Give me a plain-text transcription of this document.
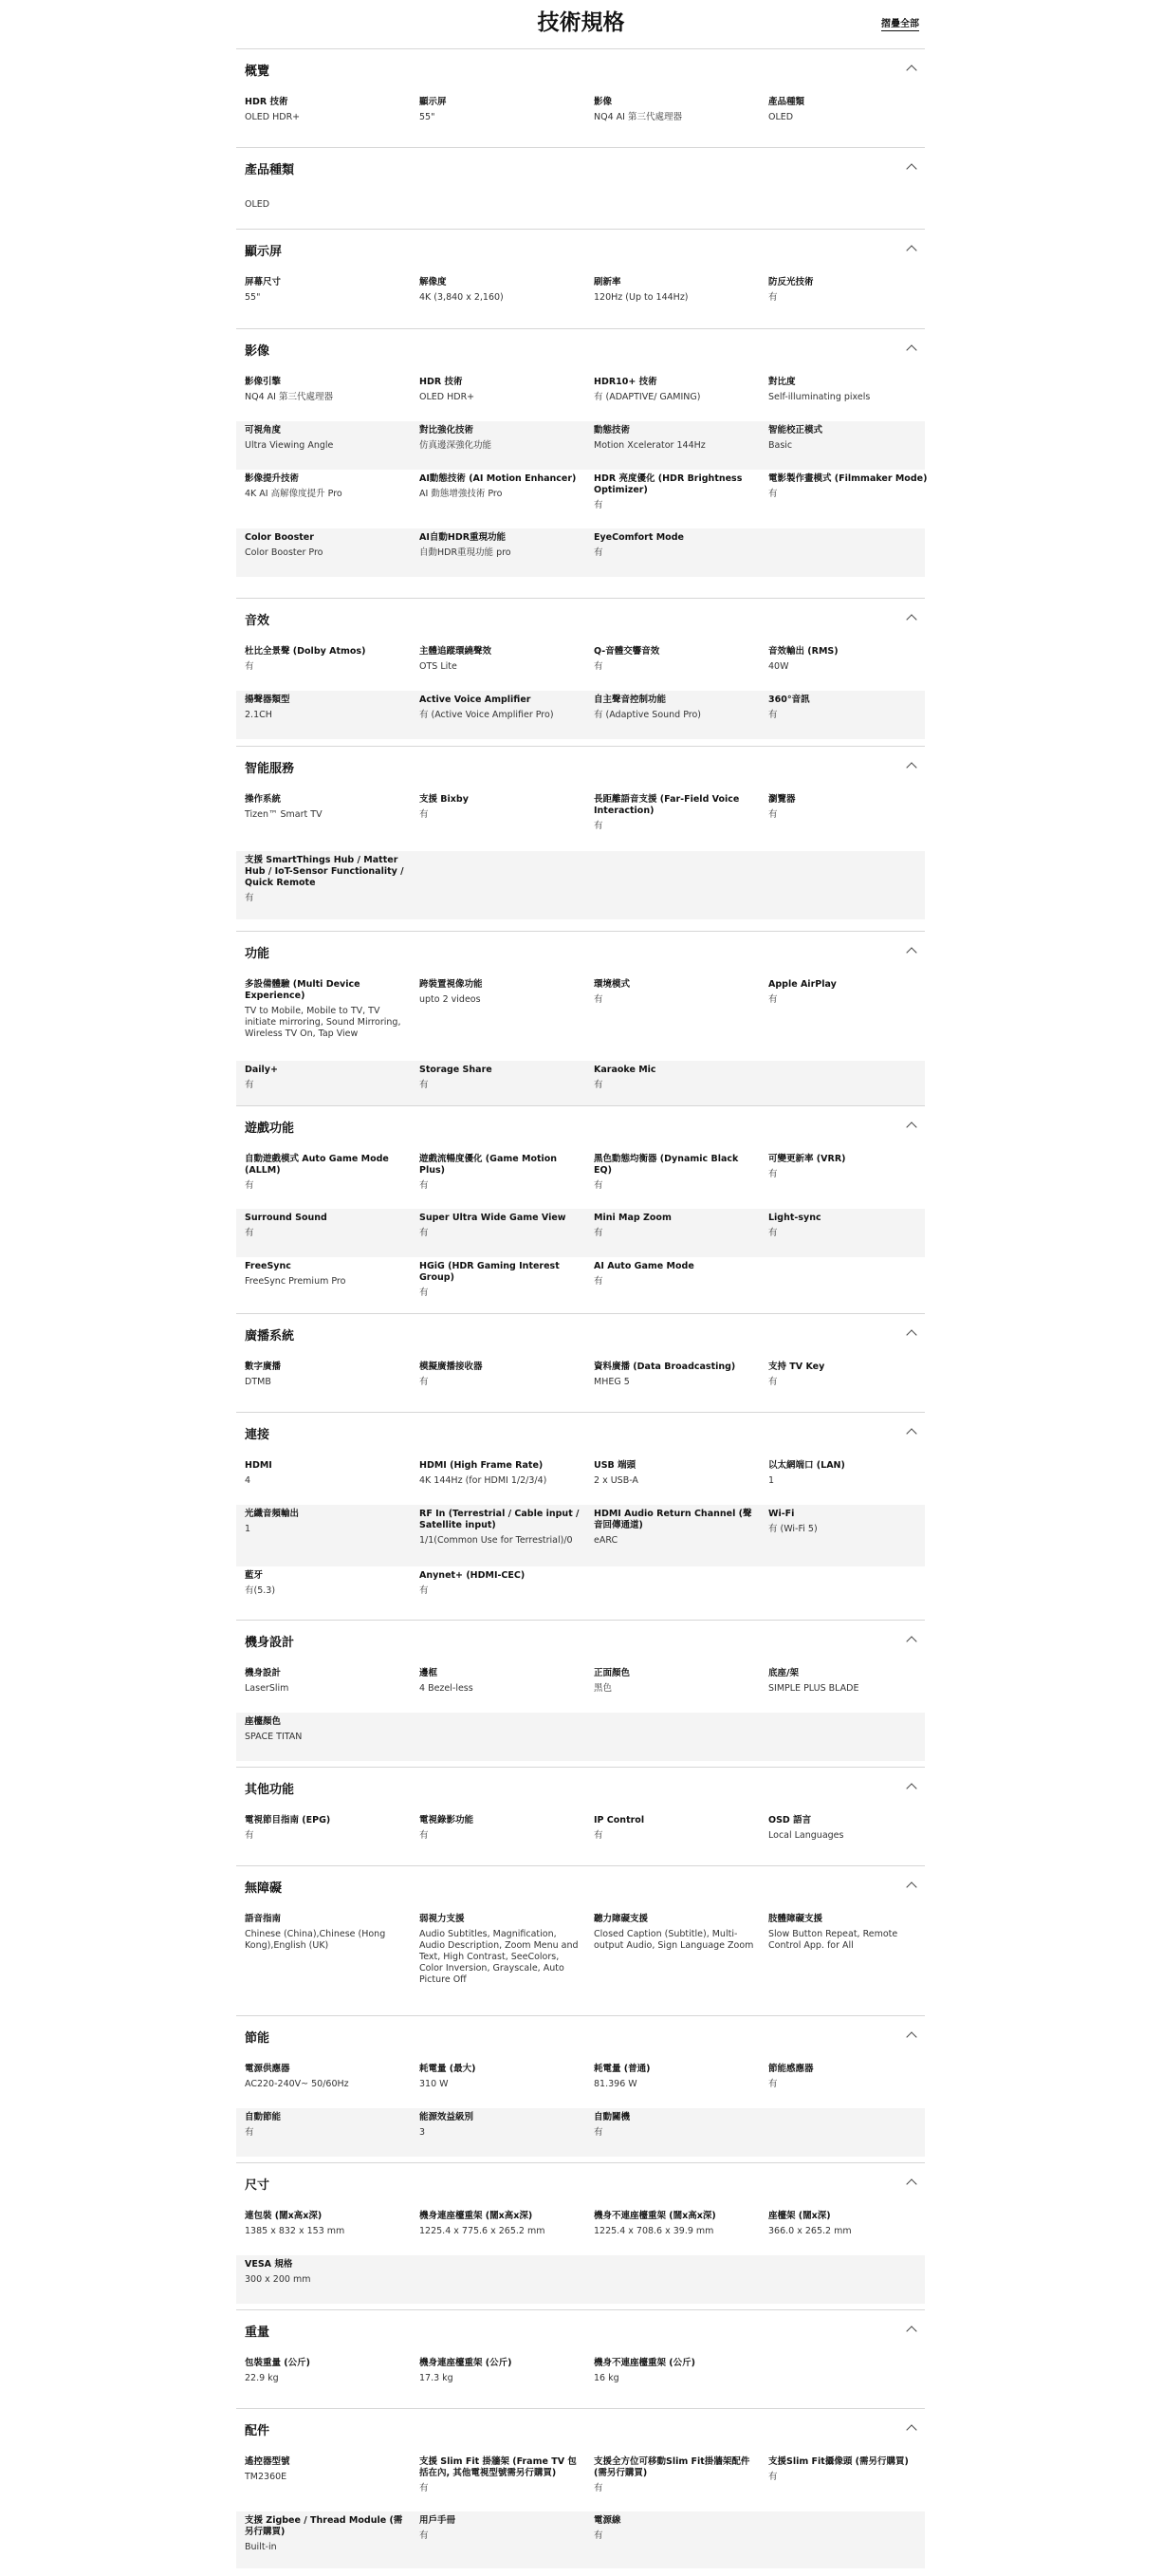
技術規格	摺疊全部
概覽
HDR 技術
OLED HDR+
顯示屏
55"
影像
NQ4 AI 第三代處理器
產品種類
OLED
產品種類
OLED
顯示屏
屏幕尺寸
55"
解像度
4K (3,840 x 2,160)
刷新率
120Hz (Up to 144Hz)
防反光技術
有
影像
影像引擎
NQ4 AI 第三代處理器
HDR 技術
OLED HDR+
HDR10+ 技術
有 (ADAPTIVE/ GAMING)
對比度
Self-illuminating pixels
可視角度
Ultra Viewing Angle
對比強化技術
仿真邊深強化功能
動態技術
Motion Xcelerator 144Hz
智能校正模式
Basic
影像提升技術
4K AI 高解像度提升 Pro
AI動態技術 (AI Motion Enhancer)
AI 動態增強技術 Pro
HDR 亮度優化 (HDR Brightness Optimizer)
有
電影製作畫模式 (Filmmaker Mode)
有
Color Booster
Color Booster Pro
AI自動HDR重現功能
自動HDR重現功能 pro
EyeComfort Mode
有
音效
杜比全景聲 (Dolby Atmos)
有
主體追蹤環繞聲效
OTS Lite
Q-音體交響音效
有
音效輸出 (RMS)
40W
揚聲器類型
2.1CH
Active Voice Amplifier
有 (Active Voice Amplifier Pro)
自主聲音控制功能
有 (Adaptive Sound Pro)
360°音訊
有
智能服務
操作系統
Tizen™ Smart TV
支援 Bixby
有
長距離語音支援 (Far-Field Voice Interaction)
有
瀏覽器
有
支援 SmartThings Hub / Matter Hub / IoT-Sensor Functionality / Quick Remote
有
功能
多設備體驗 (Multi Device Experience)
TV to Mobile, Mobile to TV, TV initiate mirroring, Sound Mirroring, Wireless TV On, Tap View
跨裝置視像功能
upto 2 videos
環境模式
有
Apple AirPlay
有
Daily+
有
Storage Share
有
Karaoke Mic
有
遊戲功能
自動遊戲模式 Auto Game Mode (ALLM)
有
遊戲流暢度優化 (Game Motion Plus)
有
黑色動態均衡器 (Dynamic Black EQ)
有
可變更新率 (VRR)
有
Surround Sound
有
Super Ultra Wide Game View
有
Mini Map Zoom
有
Light-sync
有
FreeSync
FreeSync Premium Pro
HGiG (HDR Gaming Interest Group)
有
AI Auto Game Mode
有
廣播系統
數字廣播
DTMB
模擬廣播接收器
有
資料廣播 (Data Broadcasting)
MHEG 5
支持 TV Key
有
連接
HDMI
4
HDMI (High Frame Rate)
4K 144Hz (for HDMI 1/2/3/4)
USB 端頭
2 x USB-A
以太網端口 (LAN)
1
光纖音頻輸出
1
RF In (Terrestrial / Cable input / Satellite input)
1/1(Common Use for Terrestrial)/0
HDMI Audio Return Channel (聲音回傳通道)
eARC
Wi-Fi
有 (Wi-Fi 5)
藍牙
有(5.3)
Anynet+ (HDMI-CEC)
有
機身設計
機身設計
LaserSlim
邊框
4 Bezel-less
正面顏色
黑色
底座/架
SIMPLE PLUS BLADE
座檯顏色
SPACE TITAN
其他功能
電視節目指南 (EPG)
有
電視錄影功能
有
IP Control
有
OSD 語言
Local Languages
無障礙
語音指南
Chinese (China),Chinese (Hong Kong),English (UK)
弱視力支援
Audio Subtitles, Magnification, Audio Description, Zoom Menu and Text, High Contrast, SeeColors, Color Inversion, Grayscale, Auto Picture Off
聽力障礙支援
Closed Caption (Subtitle), Multi-output Audio, Sign Language Zoom
肢體障礙支援
Slow Button Repeat, Remote Control App. for All
節能
電源供應器
AC220-240V~ 50/60Hz
耗電量 (最大)
310 W
耗電量 (普通)
81.396 W
節能感應器
有
自動節能
有
能源效益級別
3
自動關機
有
尺寸
連包裝 (闊x高x深)
1385 x 832 x 153 mm
機身連座檯重架 (闊x高x深)
1225.4 x 775.6 x 265.2 mm
機身不連座檯重架 (闊x高x深)
1225.4 x 708.6 x 39.9 mm
座檯架 (闊x深)
366.0 x 265.2 mm
VESA 規格
300 x 200 mm
重量
包裝重量 (公斤)
22.9 kg
機身連座檯重架 (公斤)
17.3 kg
機身不連座檯重架 (公斤)
16 kg
配件
遙控器型號
TM2360E
支援 Slim Fit 掛牆架 (Frame TV 包括在內, 其他電視型號需另行購買)
有
支援全方位可移動Slim Fit掛牆架配件 (需另行購買)
有
支援Slim Fit攝像頭 (需另行購買)
有
支援 Zigbee / Thread Module (需另行購買)
Built-in
用戶手冊
有
電源線
有
